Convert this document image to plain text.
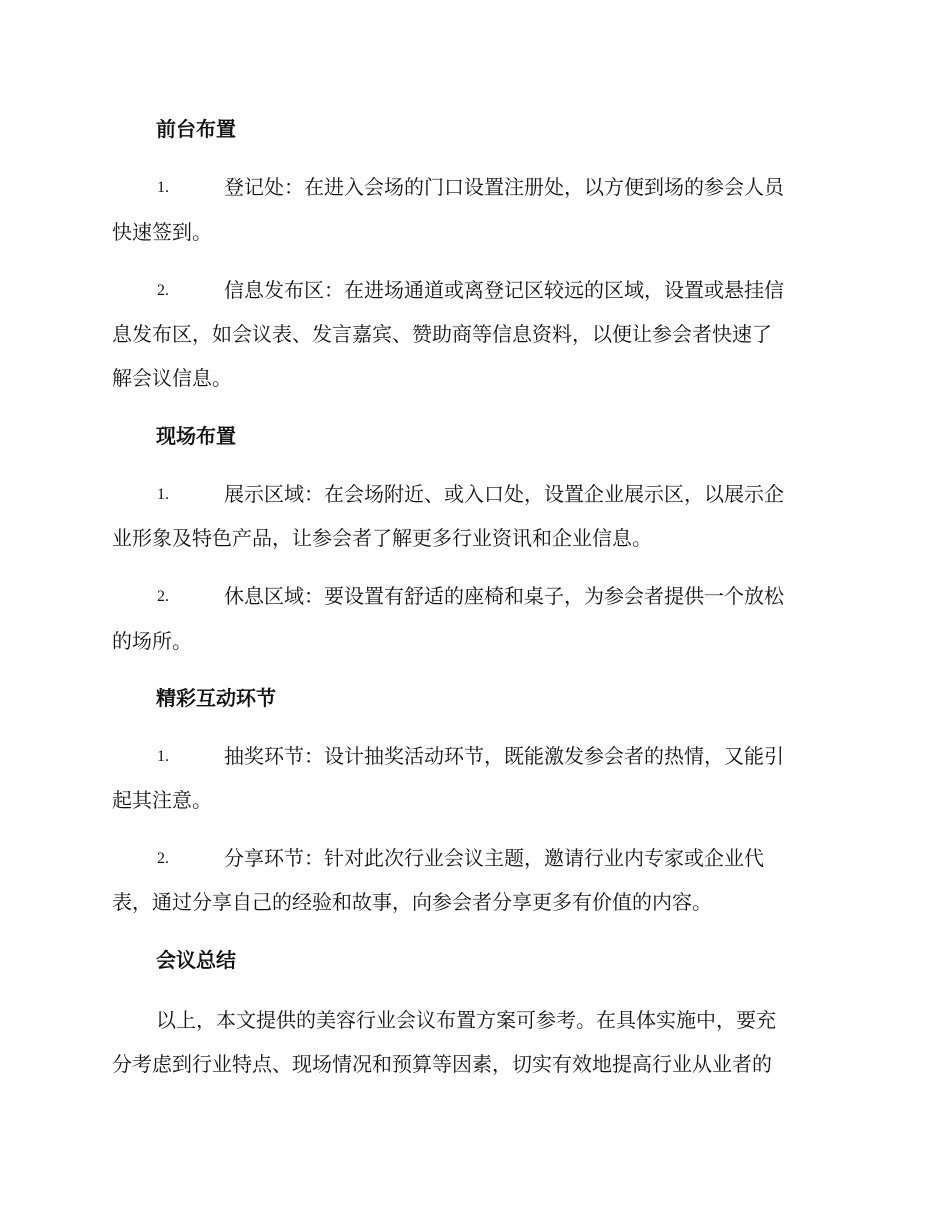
前台布置
1.	登记处：在进入会场的门口设置注册处，以方便到场的参会人员
快速签到。
2.	信息发布区：在进场通道或离登记区较远的区域，设置或悬挂信
息发布区，如会议表、发言嘉宾、赞助商等信息资料，以便让参会者快速了
解会议信息。
现场布置
1.	展示区域：在会场附近、或入口处，设置企业展示区，以展示企
业形象及特色产品，让参会者了解更多行业资讯和企业信息。
2.	休息区域：要设置有舒适的座椅和桌子，为参会者提供一个放松
的场所。
精彩互动环节
1.	抽奖环节：设计抽奖活动环节，既能激发参会者的热情，又能引
起其注意。
2.	分享环节：针对此次行业会议主题，邀请行业内专家或企业代
表，通过分享自己的经验和故事，向参会者分享更多有价值的内容。
会议总结
以上，本文提供的美容行业会议布置方案可参考。在具体实施中，要充
分考虑到行业特点、现场情况和预算等因素，切实有效地提高行业从业者的
